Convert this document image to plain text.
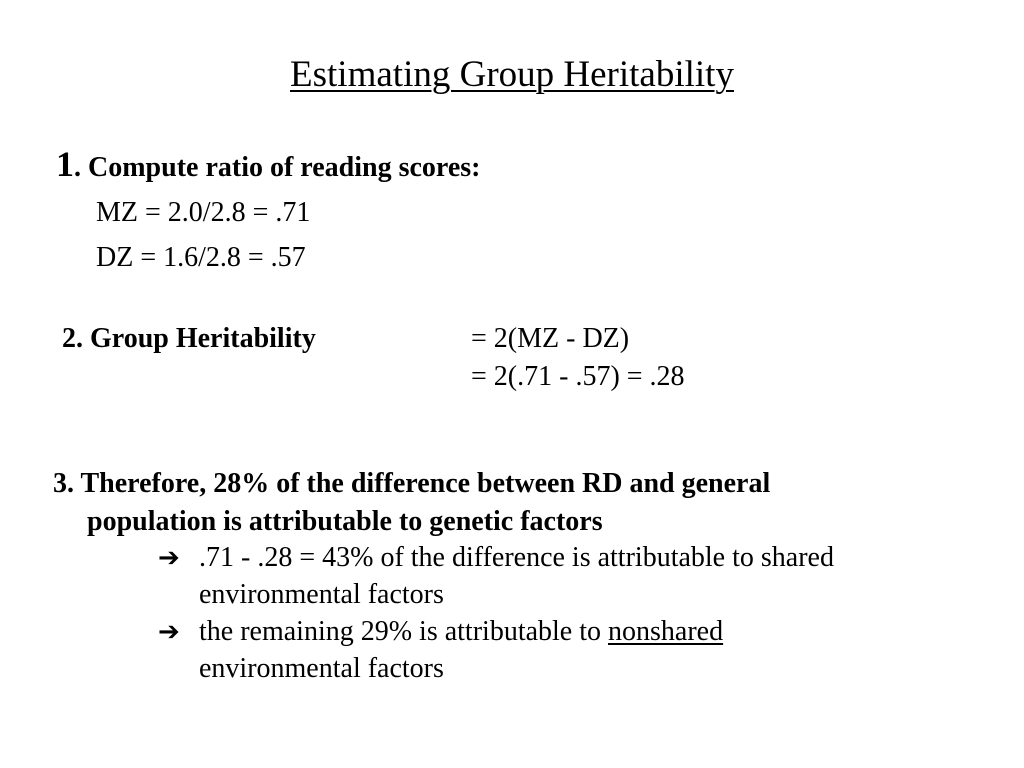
Estimating Group Heritability
1. Compute ratio of reading scores:
MZ = 2.0/2.8 = .71
DZ = 1.6/2.8 = .57
2. Group Heritability	= 2(MZ - DZ)
= 2(.71 - .57) = .28
3. Therefore, 28% of the difference between RD and general
population is attributable to genetic factors
➔ .71 - .28 = 43% of the difference is attributable to shared
environmental factors
➔ the remaining 29% is attributable to nonshared
environmental factors
